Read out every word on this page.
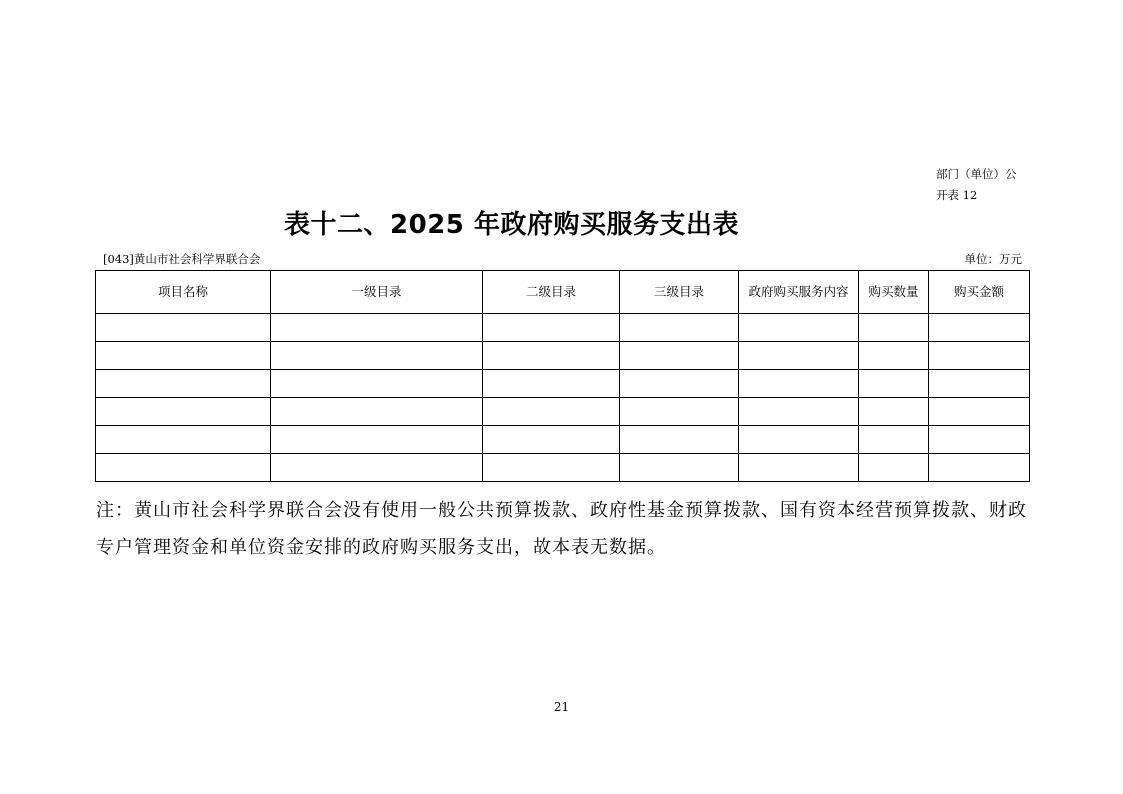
部门（单位）公
开表 12
表十二、2025 年政府购买服务支出表
[043]黄山市社会科学界联合会	单位：万元
项目名称	一级目录	二级目录	三级目录	政府购买服务内容	购买数量	购买金额

注：黄山市社会科学界联合会没有使用一般公共预算拨款、政府性基金预算拨款、国有资本经营预算拨款、财政专户管理资金和单位资金安排的政府购买服务支出，故本表无数据。
21
